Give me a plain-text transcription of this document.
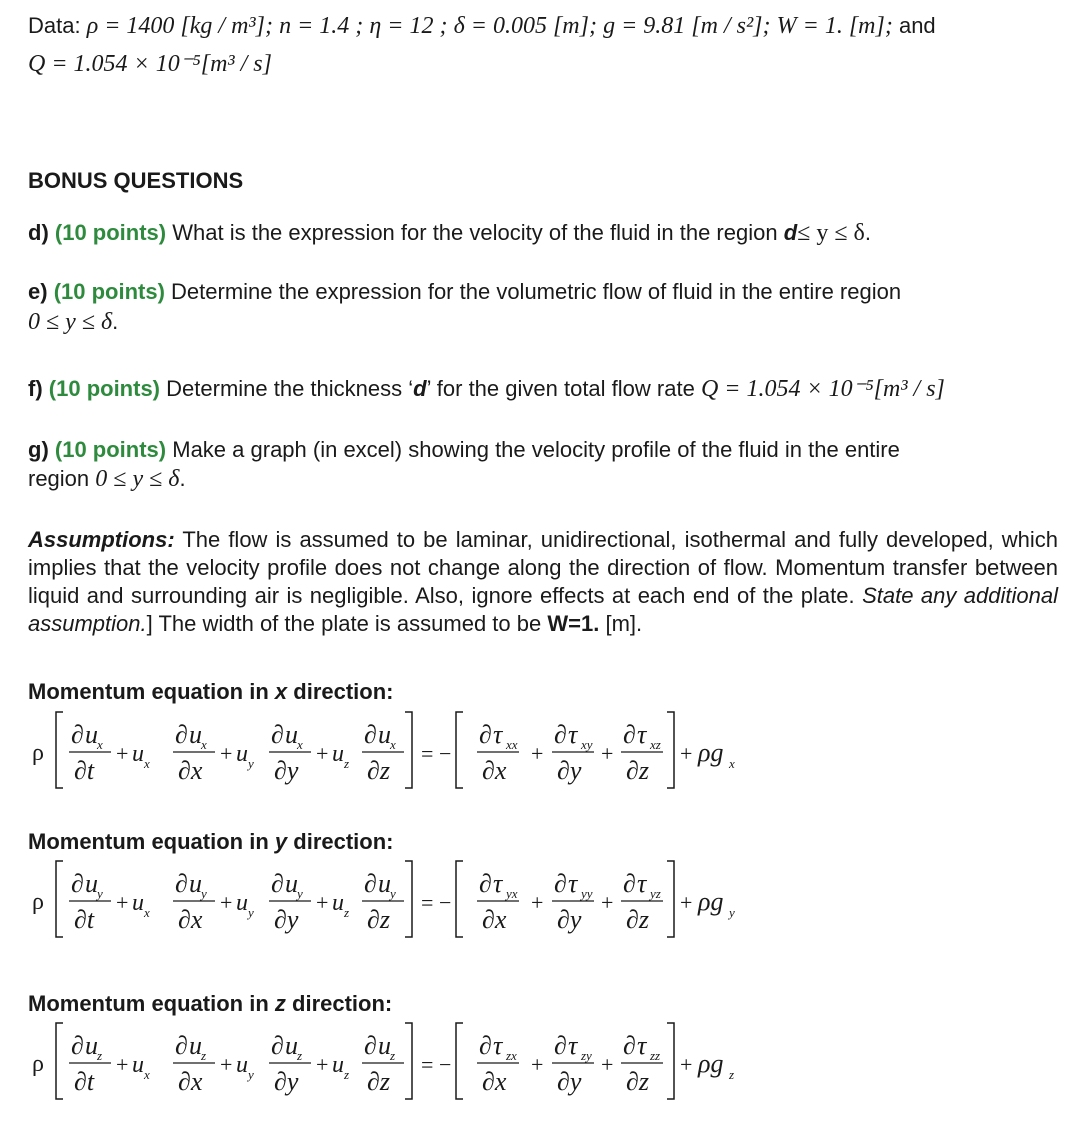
Data: ρ = 1400 [kg / m³]; n = 1.4 ; η = 12 ; δ = 0.005 [m]; g = 9.81 [m / s²]; W = 1. [m]; and
Q = 1.054 × 10⁻⁵[m³ / s]
BONUS QUESTIONS
d) (10 points) What is the expression for the velocity of the fluid in the region d≤ y ≤ δ.
e) (10 points) Determine the expression for the volumetric flow of fluid in the entire region
0 ≤ y ≤ δ.
f) (10 points) Determine the thickness ‘d’ for the given total flow rate Q = 1.054 × 10⁻⁵[m³ / s]
g) (10 points) Make a graph (in excel) showing the velocity profile of the fluid in the entire
region 0 ≤ y ≤ δ.
Assumptions: The flow is assumed to be laminar, unidirectional, isothermal and fully developed, which implies that the velocity profile does not change along the direction of flow. Momentum transfer between liquid and surrounding air is negligible. Also, ignore effects at each end of the plate. State any additional assumption.] The width of the plate is assumed to be W=1. [m].
Momentum equation in x direction:
Momentum equation in y direction:
Momentum equation in z direction:
ρ
∂ u x
∂t
+ u x
∂ u x
∂x
+ u y
∂ u x
∂y
+ u z
∂ u x
∂z
= −
∂ τ xx
∂x
+
∂ τ xy
∂y
+
∂ τ xz
∂z
+ ρg x
ρ
∂ u y
∂t
+ u x
∂ u y
∂x
+ u y
∂ u y
∂y
+ u z
∂ u y
∂z
= −
∂ τ yx
∂x
+
∂ τ yy
∂y
+
∂ τ yz
∂z
+ ρg y
ρ
∂ u z
∂t
+ u x
∂ u z
∂x
+ u y
∂ u z
∂y
+ u z
∂ u z
∂z
= −
∂ τ zx
∂x
+
∂ τ zy
∂y
+
∂ τ zz
∂z
+ ρg z
